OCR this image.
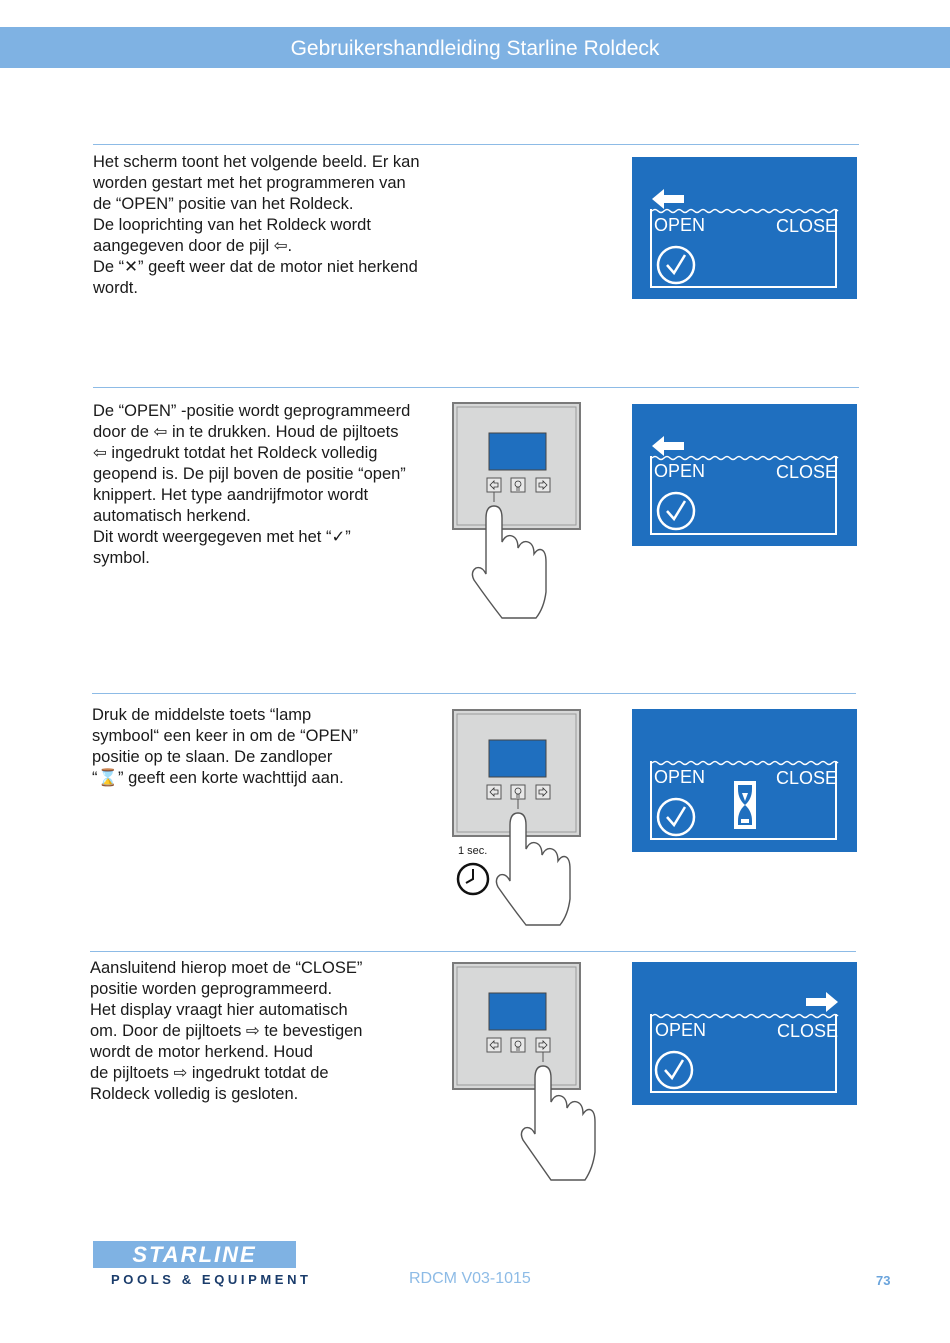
Gebruikershandleiding Starline Roldeck
Het scherm toont het volgende beeld. Er kan
worden gestart met het programmeren van
de “OPEN” positie van het Roldeck.
De looprichting van het Roldeck wordt
aangegeven door de pijl ⇦.
De “✕” geeft weer dat de motor niet herkend
wordt.
OPEN	CLOSE
De “OPEN” -positie wordt geprogrammeerd
door de ⇦ in te drukken. Houd de pijltoets
⇦ ingedrukt totdat het Roldeck volledig
geopend is. De pijl boven de positie “open”
knippert. Het type aandrijfmotor wordt
automatisch herkend.
Dit wordt weergegeven met het “✓”
symbol.
OPEN	CLOSE
Druk de middelste toets “lamp
symbool“ een keer in om de “OPEN”
positie op te slaan. De zandloper
“⌛” geeft een korte wachttijd aan.
1 sec.
OPEN	CLOSE
Aansluitend hierop moet de “CLOSE”
positie worden geprogrammeerd.
Het display vraagt hier automatisch
om. Door de pijltoets ⇨ te bevestigen
wordt de motor herkend. Houd
de pijltoets ⇨ ingedrukt totdat de
Roldeck volledig is gesloten.
OPEN	CLOSE
STARLINE
POOLS & EQUIPMENT	RDCM V03-1015	73
